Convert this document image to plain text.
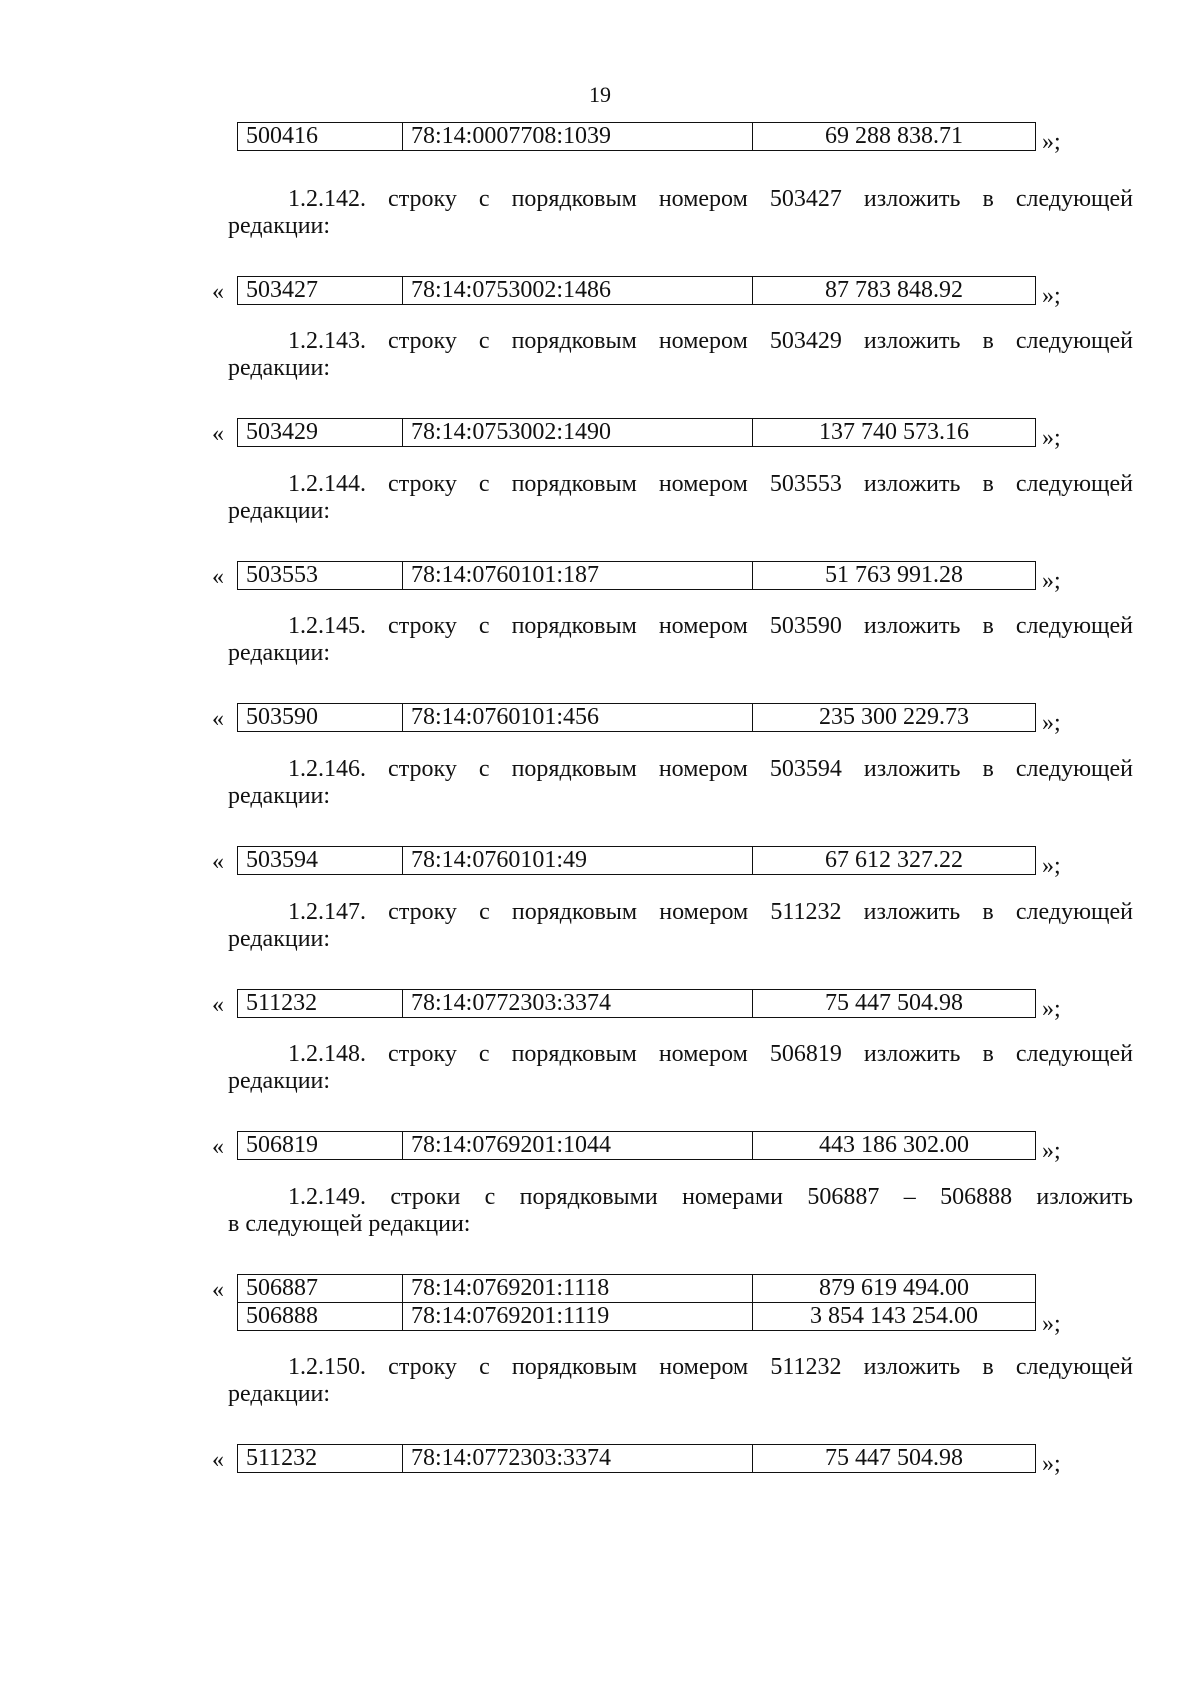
19
500416	78:14:0007708:1039	69 288 838.71	»;
1.2.142. строку с порядковым номером 503427 изложить в следующей
редакции:
« 503427	78:14:0753002:1486	87 783 848.92	»;
1.2.143. строку с порядковым номером 503429 изложить в следующей
редакции:
« 503429	78:14:0753002:1490	137 740 573.16	»;
1.2.144. строку с порядковым номером 503553 изложить в следующей
редакции:
« 503553	78:14:0760101:187	51 763 991.28	»;
1.2.145. строку с порядковым номером 503590 изложить в следующей
редакции:
« 503590	78:14:0760101:456	235 300 229.73	»;
1.2.146. строку с порядковым номером 503594 изложить в следующей
редакции:
« 503594	78:14:0760101:49	67 612 327.22	»;
1.2.147. строку с порядковым номером 511232 изложить в следующей
редакции:
« 511232	78:14:0772303:3374	75 447 504.98	»;
1.2.148. строку с порядковым номером 506819 изложить в следующей
редакции:
« 506819	78:14:0769201:1044	443 186 302.00	»;
1.2.149. строки с порядковыми номерами 506887 – 506888 изложить
в следующей редакции:
« 506887	78:14:0769201:1118	879 619 494.00
506888	78:14:0769201:1119	3 854 143 254.00	»;
1.2.150. строку с порядковым номером 511232 изложить в следующей
редакции:
« 511232	78:14:0772303:3374	75 447 504.98	»;
